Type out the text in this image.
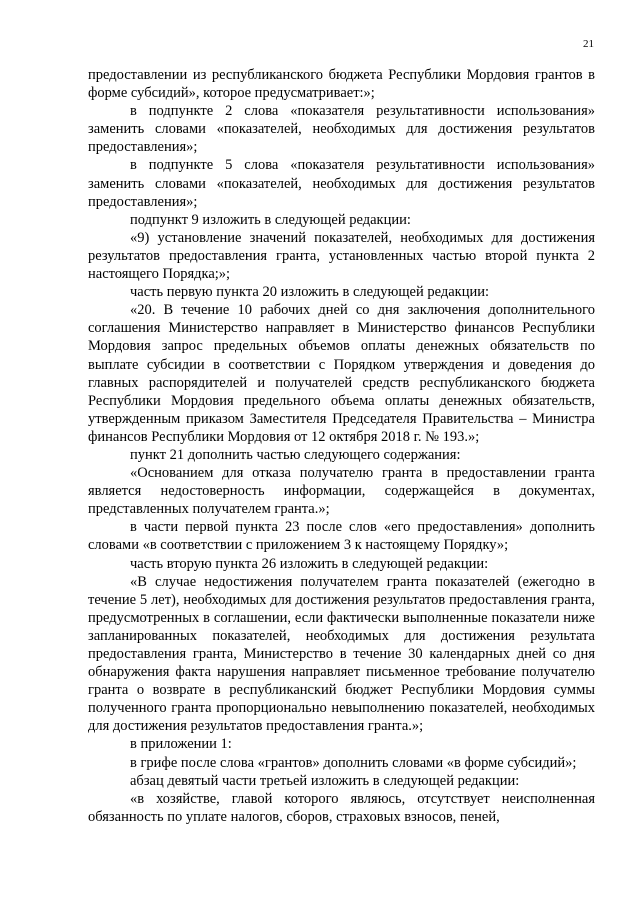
21

предоставлении из республиканского бюджета Республики Мордовия грантов в форме субсидий», которое предусматривает:»;

в подпункте 2 слова «показателя результативности использования» заменить словами «показателей, необходимых для достижения результатов предоставления»;

в подпункте 5 слова «показателя результативности использования» заменить словами «показателей, необходимых для достижения результатов предоставления»;

подпункт 9 изложить в следующей редакции:

«9) установление значений показателей, необходимых для достижения результатов предоставления гранта, установленных частью второй пункта 2 настоящего Порядка;»;

часть первую пункта 20 изложить в следующей редакции:

«20. В течение 10 рабочих дней со дня заключения дополнительного соглашения Министерство направляет в Министерство финансов Республики Мордовия запрос предельных объемов оплаты денежных обязательств по выплате субсидии в соответствии с Порядком утверждения и доведения до главных распорядителей и получателей средств республиканского бюджета Республики Мордовия предельного объема оплаты денежных обязательств, утвержденным приказом Заместителя Председателя Правительства – Министра финансов Республики Мордовия от 12 октября 2018 г. № 193.»;

пункт 21 дополнить частью следующего содержания:

«Основанием для отказа получателю гранта в предоставлении гранта является недостоверность информации, содержащейся в документах, представленных получателем гранта.»;

в части первой пункта 23 после слов «его предоставления» дополнить словами «в соответствии с приложением 3 к настоящему Порядку»;

часть вторую пункта 26 изложить в следующей редакции:

«В случае недостижения получателем гранта показателей (ежегодно в течение 5 лет), необходимых для достижения результатов предоставления гранта, предусмотренных в соглашении, если фактически выполненные показатели ниже запланированных показателей, необходимых для достижения результата предоставления гранта, Министерство в течение 30 календарных дней со дня обнаружения факта нарушения направляет письменное требование получателю гранта о возврате в республиканский бюджет Республики Мордовия суммы полученного гранта пропорционально невыполнению показателей, необходимых для достижения результатов предоставления гранта.»;

в приложении 1:

в грифе после слова «грантов» дополнить словами «в форме субсидий»;

абзац девятый части третьей изложить в следующей редакции:

«в хозяйстве, главой которого являюсь, отсутствует неисполненная обязанность по уплате налогов, сборов, страховых взносов, пеней,
